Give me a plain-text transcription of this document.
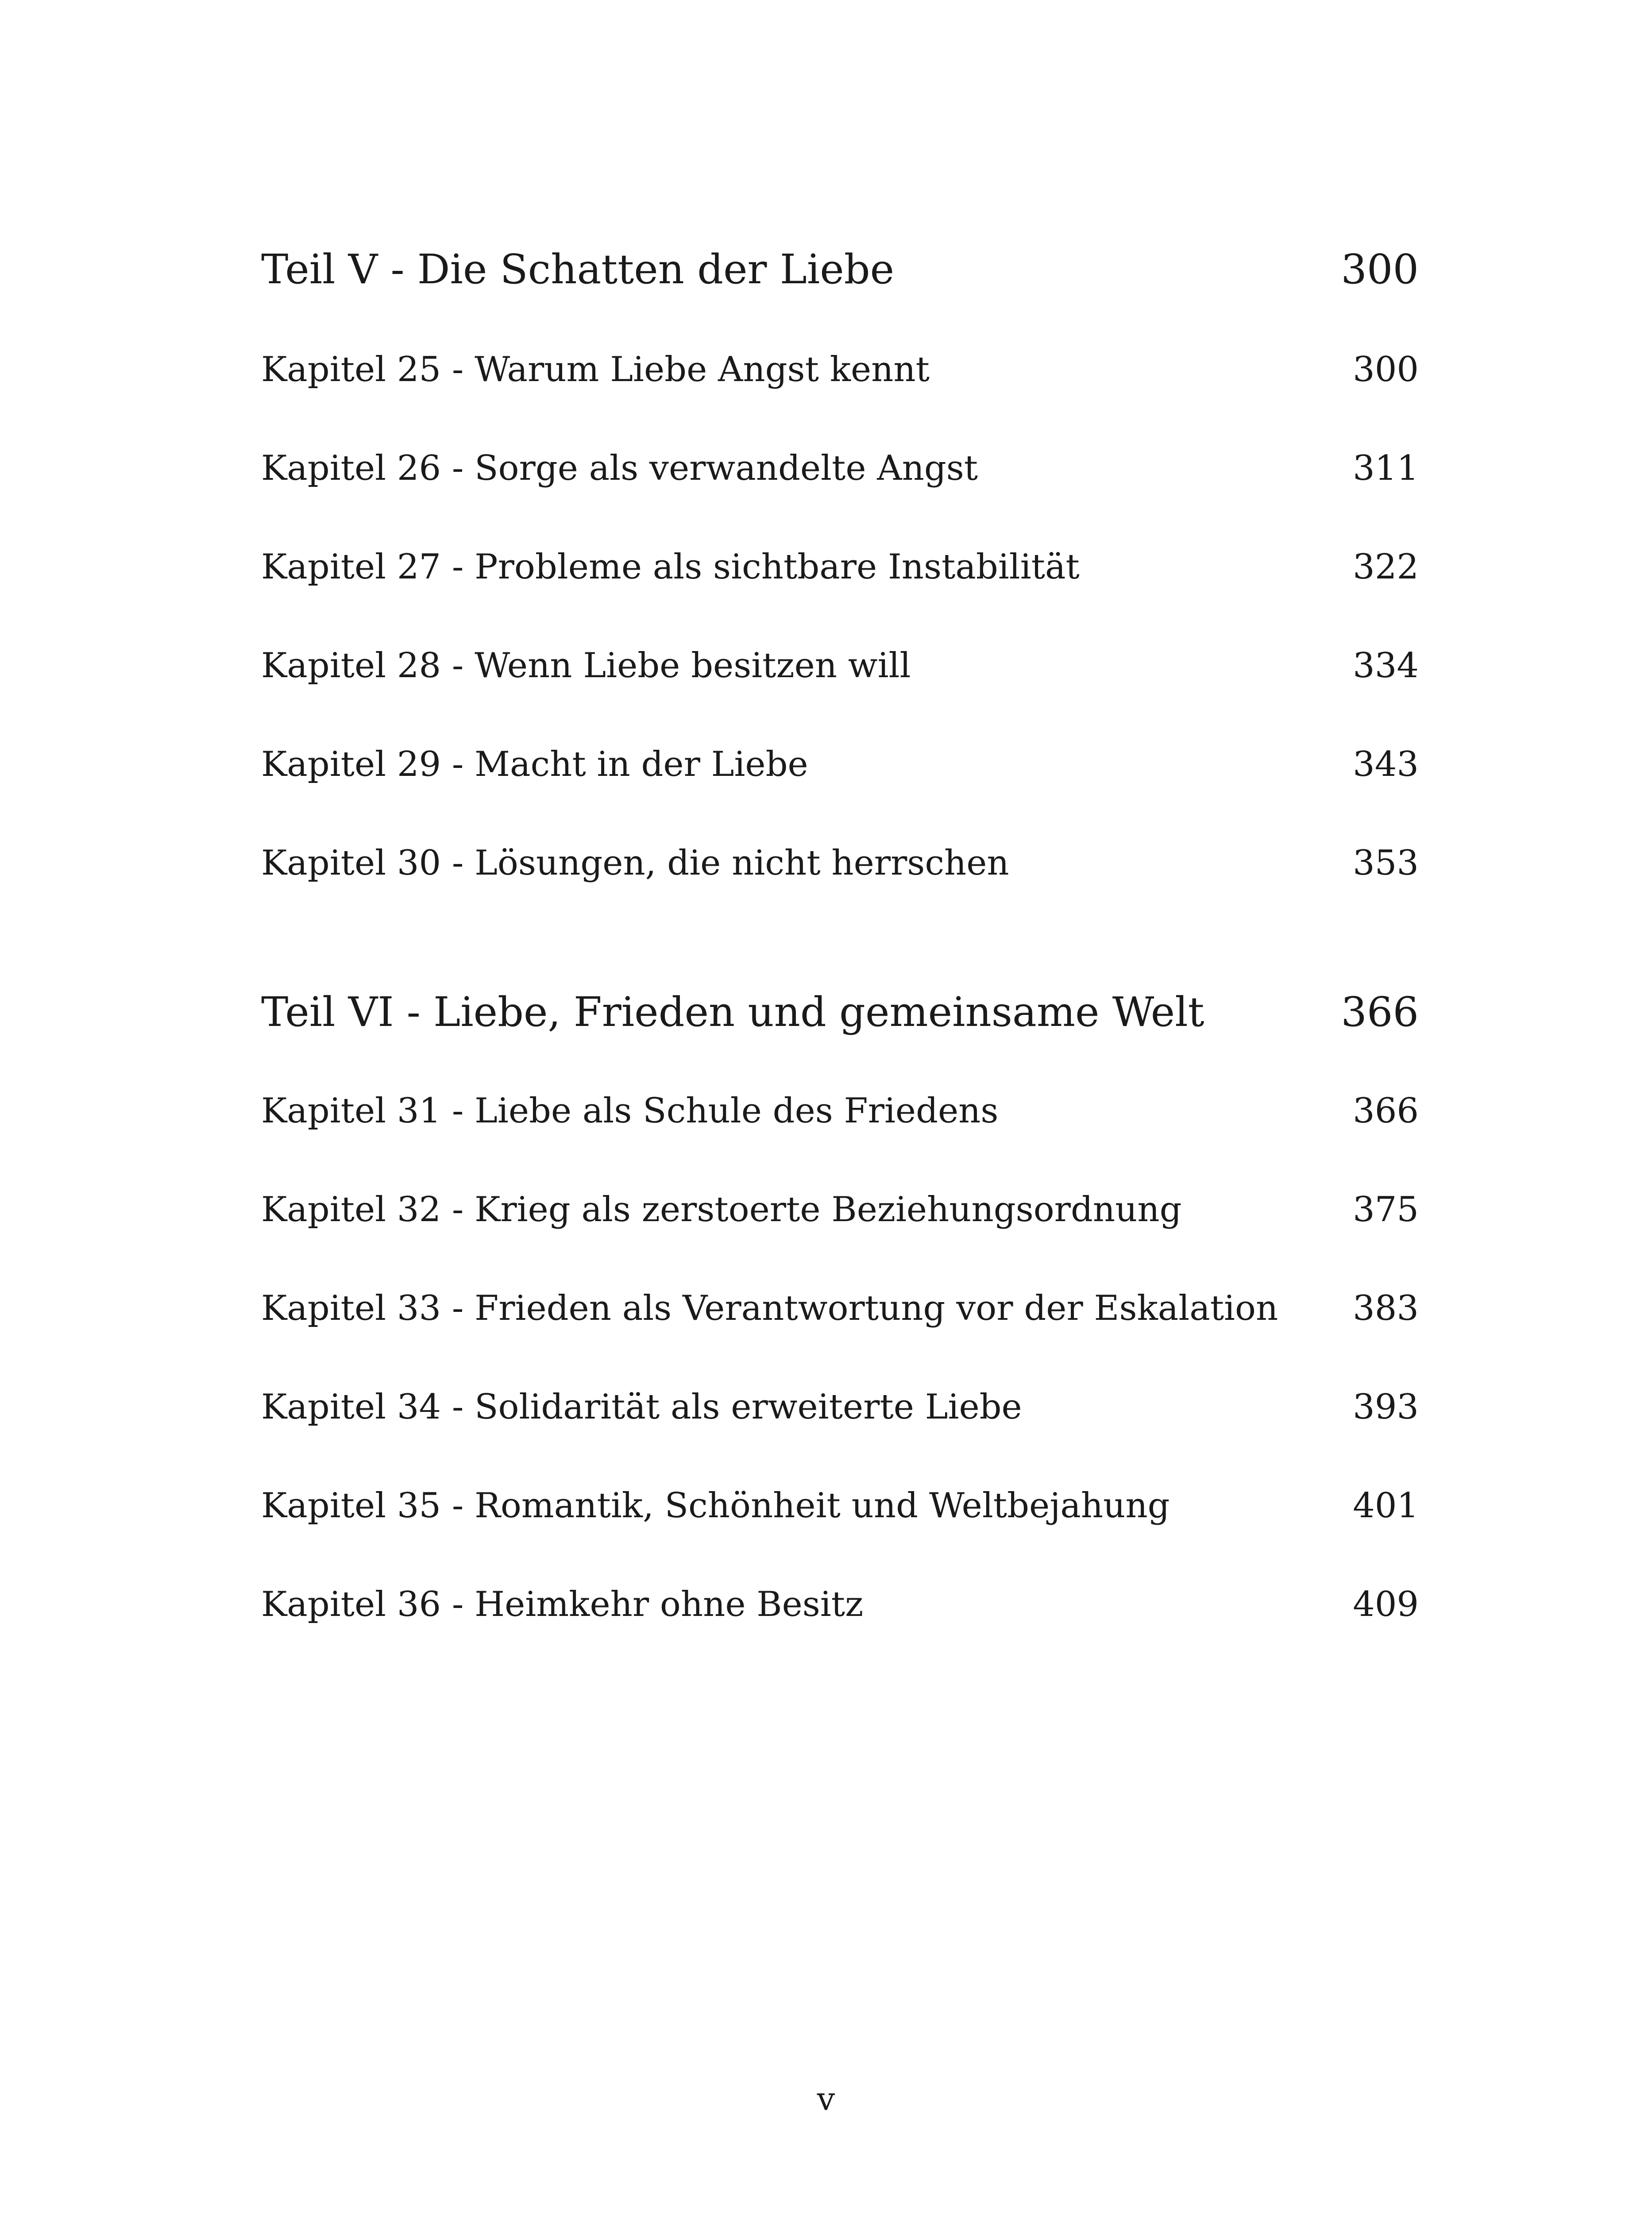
Teil V - Die Schatten der Liebe	300
Kapitel 25 - Warum Liebe Angst kennt	300
Kapitel 26 - Sorge als verwandelte Angst	311
Kapitel 27 - Probleme als sichtbare Instabilität	322
Kapitel 28 - Wenn Liebe besitzen will	334
Kapitel 29 - Macht in der Liebe	343
Kapitel 30 - Lösungen, die nicht herrschen	353
Teil VI - Liebe, Frieden und gemeinsame Welt	366
Kapitel 31 - Liebe als Schule des Friedens	366
Kapitel 32 - Krieg als zerstoerte Beziehungsordnung	375
Kapitel 33 - Frieden als Verantwortung vor der Eskalation 383
Kapitel 34 - Solidarität als erweiterte Liebe	393
Kapitel 35 - Romantik, Schönheit und Weltbejahung	401
Kapitel 36 - Heimkehr ohne Besitz	409
v
